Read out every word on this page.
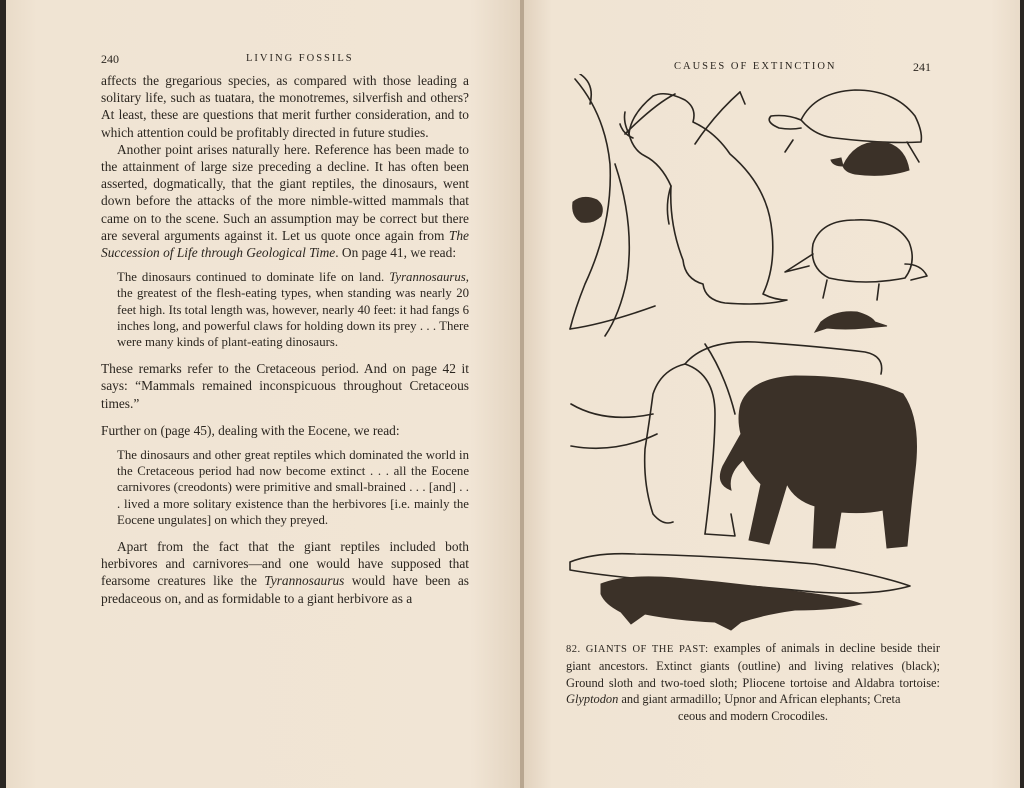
240	LIVING FOSSILS

affects the gregarious species, as compared with those leading a solitary life, such as tuatara, the monotremes, silverfish and others? At least, these are questions that merit further consideration, and to which attention could be profitably directed in future studies.

Another point arises naturally here. Reference has been made to the attainment of large size preceding a decline. It has often been asserted, dogmatically, that the giant reptiles, the dinosaurs, went down before the attacks of the more nimble-witted mammals that came on to the scene. Such an assumption may be correct but there are several arguments against it. Let us quote once again from The Succession of Life through Geological Time. On page 41, we read:

The dinosaurs continued to dominate life on land. Tyrannosaurus, the greatest of the flesh-eating types, when standing was nearly 20 feet high. Its total length was, however, nearly 40 feet: it had fangs 6 inches long, and powerful claws for holding down its prey . . . There were many kinds of plant-eating dinosaurs.

These remarks refer to the Cretaceous period. And on page 42 it says: “Mammals remained inconspicuous throughout Cretaceous times.”

Further on (page 45), dealing with the Eocene, we read:

The dinosaurs and other great reptiles which dominated the world in the Cretaceous period had now become extinct . . . all the Eocene carnivores (creodonts) were primitive and small-brained . . . [and] . . . lived a more solitary existence than the herbivores [i.e. mainly the Eocene ungulates] on which they preyed.

Apart from the fact that the giant reptiles included both herbivores and carnivores—and one would have supposed that fearsome creatures like the Tyrannosaurus would have been as predaceous on, and as formidable to a giant herbivore as a

CAUSES OF EXTINCTION	241
82. GIANTS OF THE PAST: examples of animals in decline beside their giant ancestors. Extinct giants (outline) and living relatives (black); Ground sloth and two-toed sloth; Pliocene tortoise and Aldabra tortoise: Glyptodon and giant armadillo; Upnor and African elephants; Creta
ceous and modern Crocodiles.
